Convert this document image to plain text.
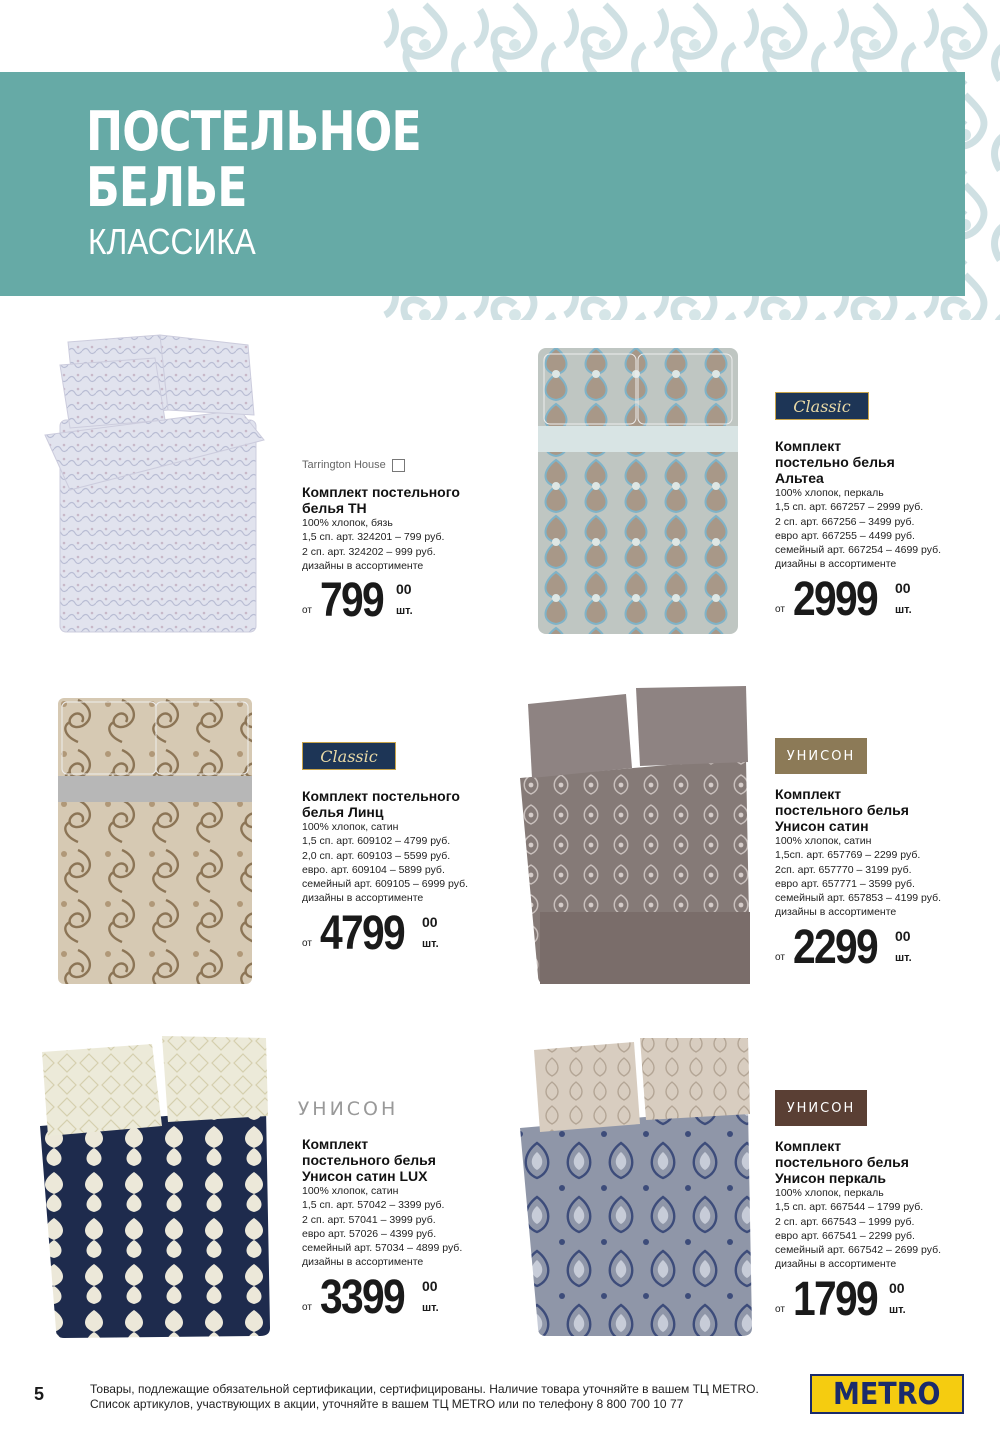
ПОСТЕЛЬНОЕ
БЕЛЬЕ
КЛАССИКА
Tarrington House
Комплект постельного
белья ТН
100% хлопок, бязь
1,5 сп. арт. 324201 – 799 руб.
2 сп. арт. 324202 – 999 руб.
дизайны в ассортименте
от 799 00
шт.
Classic
Комплект
постельно белья
Альтеа
100% хлопок, перкаль
1,5 сп. арт. 667257 – 2999 руб.
2 сп. арт. 667256 – 3499 руб.
евро арт. 667255 – 4499 руб.
семейный арт. 667254 – 4699 руб.
дизайны в ассортименте
от 2999 00
шт.
Classic
Комплект постельного
белья Линц
100% хлопок, сатин
1,5 сп. арт. 609102 – 4799 руб.
2,0 сп. арт. 609103 – 5599 руб.
евро. арт. 609104 – 5899 руб.
семейный арт. 609105 – 6999 руб.
дизайны в ассортименте
от 4799 00
шт.
УНИСОН
Комплект
постельного белья
Унисон сатин
100% хлопок, сатин
1,5сп. арт. 657769 – 2299 руб.
2сп. арт. 657770 – 3199 руб.
евро арт. 657771 – 3599 руб.
семейный арт. 657853 – 4199 руб.
дизайны в ассортименте
от 2299 00
шт.
УНИСОН
Комплект
постельного белья
Унисон сатин LUX
100% хлопок, сатин
1,5 сп. арт. 57042 – 3399 руб.
2 сп. арт. 57041 – 3999 руб.
евро арт. 57026 – 4399 руб.
семейный арт. 57034 – 4899 руб.
дизайны в ассортименте
от 3399 00
шт.
УНИСОН
Комплект
постельного белья
Унисон перкаль
100% хлопок, перкаль
1,5 сп. арт. 667544 – 1799 руб.
2 сп. арт. 667543 – 1999 руб.
евро арт. 667541 – 2299 руб.
семейный арт. 667542 – 2699 руб.
дизайны в ассортименте
от 1799 00
шт.
5	Товары, подлежащие обязательной сертификации, сертифицированы. Наличие товара уточняйте в вашем ТЦ METRO.
Список артикулов, участвующих в акции, уточняйте в вашем ТЦ METRO или по телефону 8 800 700 10 77	METRO
